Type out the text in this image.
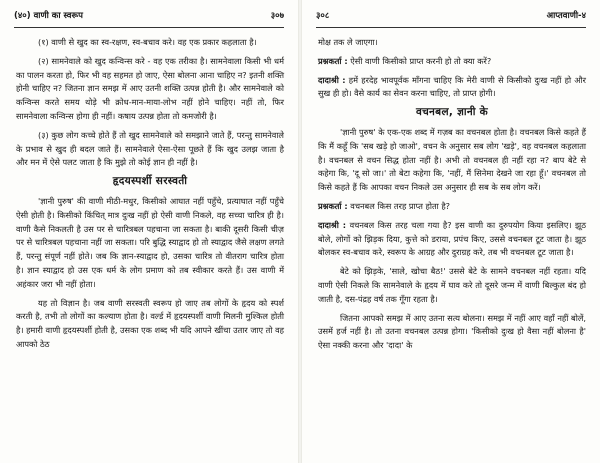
(४०) वाणी का स्वरूप	३०७

(१) वाणी से खुद का स्व-रक्षण, स्व-बचाव करे। वह एक प्रकार कहलाता है।

(२) सामनेवाले को खुद कन्विन्स करे - वह एक तरीका है। सामनेवाला किसी भी धर्म का पालन करता हो, फिर भी वह सहमत हो जाए, ऐसा बोलना आना चाहिए न? इतनी शक्ति होनी चाहिए न? जितना ज्ञान समझ में आए उतनी शक्ति उत्पन्न होती है। और सामनेवाले को कन्विन्स करते समय थोड़े भी क्रोध-मान-माया-लोभ नहीं होने चाहिए। नहीं तो, फिर सामनेवाला कन्विन्स होगा ही नहीं। कषाय उत्पन्न होता तो कमजोरी है।

(३) कुछ लोग कच्चे होते हैं तो खुद सामनेवाले को समझाने जाते हैं, परन्तु सामनेवाले के प्रभाव से खुद ही बदल जाते हैं। सामनेवाले ऐसा-ऐसा पूछते हैं कि खुद उलझ जाता है और मन में ऐसे पलट जाता है कि मुझे तो कोई ज्ञान ही नहीं है।

हृदयस्पर्शी सरस्वती

'ज्ञानी पुरुष' की वाणी मीठी-मधुर, किसीको आघात नहीं पहुँचे, प्रत्याघात नहीं पहुँचे ऐसी होती है। किसीको किंचित् मात्र दुःख नहीं हो ऐसी वाणी निकले, वह सच्चा चारित्र ही है। वाणी कैसे निकलती है उस पर से चारित्रबल पहचाना जा सकता है। बाकी दूसरी किसी चीज़ पर से चारित्रबल पहचाना नहीं जा सकता। परि बुद्धि स्याद्वाद हो तो स्याद्वाद जैसे लक्षण लगते हैं, परन्तु संपूर्ण नहीं होते। जब कि ज्ञान-स्याद्वाद हो, उसका चारित्र तो वीतराग चारित्र होता है। ज्ञान स्याद्वाद हो उस एक धर्म के लोग प्रमाण को तब स्वीकार करते हैं। उस वाणी में अहंकार जरा भी नहीं होता।

यह तो विज्ञान है। जब वाणी सरस्वती स्वरूप हो जाए तब लोगों के हृदय को स्पर्श करती है, तभी तो लोगों का कल्याण होता है। वर्ल्ड में हृदयस्पर्शी वाणी मिलनी मुश्किल होती है। हमारी वाणी हृदयस्पर्शी होती है, उसका एक शब्द भी यदि आपने खींचा उतार जाए तो वह आपको ठेठ

३०८	आप्तवाणी-४

मोक्ष तक ले जाएगा।

प्रश्नकर्ता : ऐसी वाणी किसीको प्राप्त करनी हो तो क्या करें?

दादाश्री : हमें हरदेह भावपूर्वक माँगना चाहिए कि मेरी वाणी से किसीको दुःख नहीं हो और सुख ही हो। वैसे कार्य का सेवन करना चाहिए, तो प्राप्त होगी।

वचनबल, ज्ञानी के

'ज्ञानी पुरुष' के एक-एक शब्द में गज़ब का वचनबल होता है। वचनबल किसे कहते हैं कि मैं कहूँ कि 'सब खड़े हो जाओ', वचन के अनुसार सब लोग 'खड़े', वह वचनबल कहलाता है। वचनबल से वचन सिद्ध होता नहीं है। अभी तो वचनबल ही नहीं रहा न? बाप बेटे से कहेगा कि, 'दू सो जा।' तो बेटा कहेगा कि, 'नहीं, मैं सिनेमा देखने जा रहा हूँ।' वचनबल तो किसे कहते हैं कि आपका वचन निकले उस अनुसार ही सब के सब लोग करें।

प्रश्नकर्ता : वचनबल किस तरह प्राप्त होता है?

दादाश्री : वचनबल किस तरह चला गया है? इस वाणी का दुरुपयोग किया इसलिए। झूठ बोले, लोगों को झिड़क दिया, कुत्ते को डराया, प्रपंच किए, उससे वचनबल टूट जाता है। झूठ बोलकर स्व-बचाव करे, स्वरूप के आग्रह और दुराग्रह करे, तब भी वचनबल टूट जाता है।

बेटे को झिड़के, 'साले, खोचा बैठ!' उससे बेटे के सामने वचनबल नहीं रहता। यदि वाणी ऐसी निकले कि सामनेवाले के हृदय में घाव करे तो दूसरे जन्म में वाणी बिल्कुल बंद हो जाती है, दस-पंद्रह वर्ष तक गूँगा रहता है।

जितना आपको समझ में आए उतना सत्य बोलना। समझ में नहीं आए वहाँ नहीं बोलें, उसमें हर्ज नहीं है। तो उतना वचनबल उत्पन्न होगा। 'किसीको दुःख हो वैसा नहीं बोलना है' ऐसा नक्की करना और 'दादा' के
